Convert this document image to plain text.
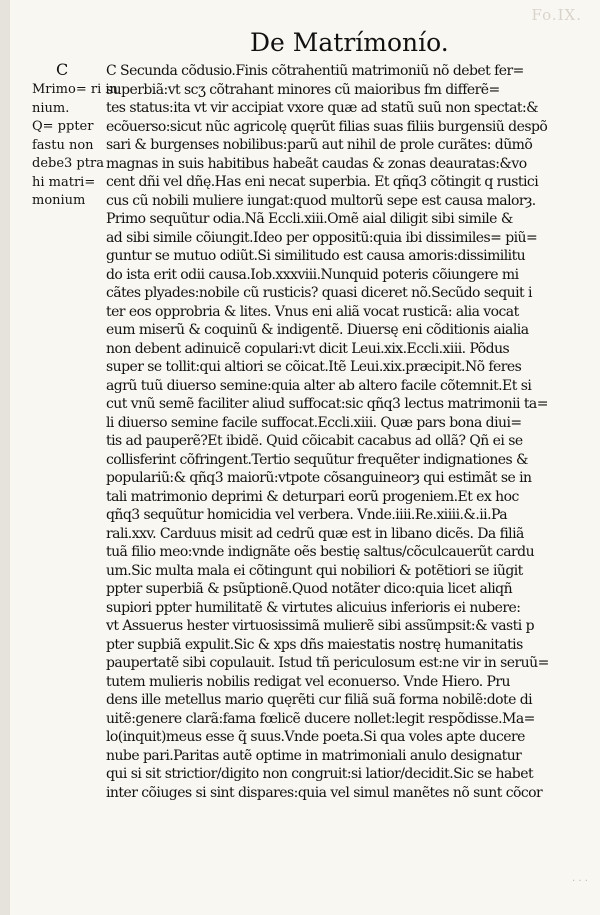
Fo.IX.
De Matrímonío.
C
Mrimo= ri in
nium.
Q= ppter
fastu non
debe3 ptra
hi matri=
monium
C Secunda cõdusio.Finis cõtrahentiũ matrimoniũ nõ debet fer=
superbiã:vt scʒ cõtrahant minores cũ maioribus fm differẽ=
tes status:ita vt vir accipiat vxore quæ ad statũ suũ non spectat:&
ecõuerso:sicut nũc agricolę quęrũt filias suas filiis burgensiũ despõ
sari & burgenses nobilibus:parũ aut nihil de prole curãtes: dũmõ
magnas in suis habitibus habeãt caudas & zonas deauratas:&vo
cent dñi vel dñę.Has eni necat superbia. Et qñq3 cõtingit q rustici
cus cũ nobili muliere iungat:quod multorũ sepe est causa malorȝ.
Primo sequũtur odia.Nã Eccli.xiii.Omẽ aial diligit sibi simile &
ad sibi simile cõiungit.Ideo per oppositũ:quia ibi dissimiles= piũ=
guntur se mutuo odiũt.Si similitudo est causa amoris:dissimilitu
do ista erit odii causa.Iob.xxxviii.Nunquid poteris cõiungere mi
cãtes plyades:nobile cũ rusticis? quasi diceret nõ.Secũdo sequit i
ter eos opprobria & lites. Vnus eni aliã vocat rusticã: alia vocat
eum miserũ & coquinũ & indigentẽ. Diuersę eni cõditionis aialia
non debent adinuicẽ copulari:vt dicit Leui.xix.Eccli.xiii. Põdus
super se tollit:qui altiori se cõicat.Itẽ Leui.xix.præcipit.Nõ feres
agrũ tuũ diuerso semine:quia alter ab altero facile cõtemnit.Et si
cut vnũ semẽ faciliter aliud suffocat:sic qñq3 lectus matrimonii ta=
li diuerso semine facile suffocat.Eccli.xiii. Quæ pars bona diui=
tis ad pauperẽ?Et ibidẽ. Quid cõicabit cacabus ad ollã? Qñ ei se
collisferint cõfringent.Tertio sequũtur frequẽter indignationes &
populariũ:& qñq3 maiorũ:vtpote cõsanguineorȝ qui estimãt se in
tali matrimonio deprimi & deturpari eorũ progeniem.Et ex hoc
qñq3 sequũtur homicidia vel verbera. Vnde.iiii.Re.xiiii.&.ii.Pa
rali.xxv. Carduus misit ad cedrũ quæ est in libano dicẽs. Da filiã
tuã filio meo:vnde indignãte oẽs bestię saltus/cõculcauerũt cardu
um.Sic multa mala ei cõtingunt qui nobiliori & potẽtiori se iũgit
ppter superbiã & psũptionẽ.Quod notãter dico:quia licet aliqñ
supiori ppter humilitatẽ & virtutes alicuius inferioris ei nubere:
vt Assuerus hester virtuosissimã mulierẽ sibi assũmpsit:& vasti p
pter supbiã expulit.Sic & xps dñs maiestatis nostrę humanitatis
paupertatẽ sibi copulauit. Istud tñ periculosum est:ne vir in seruũ=
tutem mulieris nobilis redigat vel econuerso. Vnde Hiero. Pru
dens ille metellus mario quęrẽti cur filiã suã forma nobilẽ:dote di
uitẽ:genere clarã:fama fœlicẽ ducere nollet:legit respõdisse.Ma=
lo(inquit)meus esse q̃ suus.Vnde poeta.Si qua voles apte ducere
nube pari.Paritas autẽ optime in matrimoniali anulo designatur
qui si sit strictior/digito non congruit:si latior/decidit.Sic se habet
inter cõiuges si sint dispares:quia vel simul manẽtes nõ sunt cõcor
. . .
